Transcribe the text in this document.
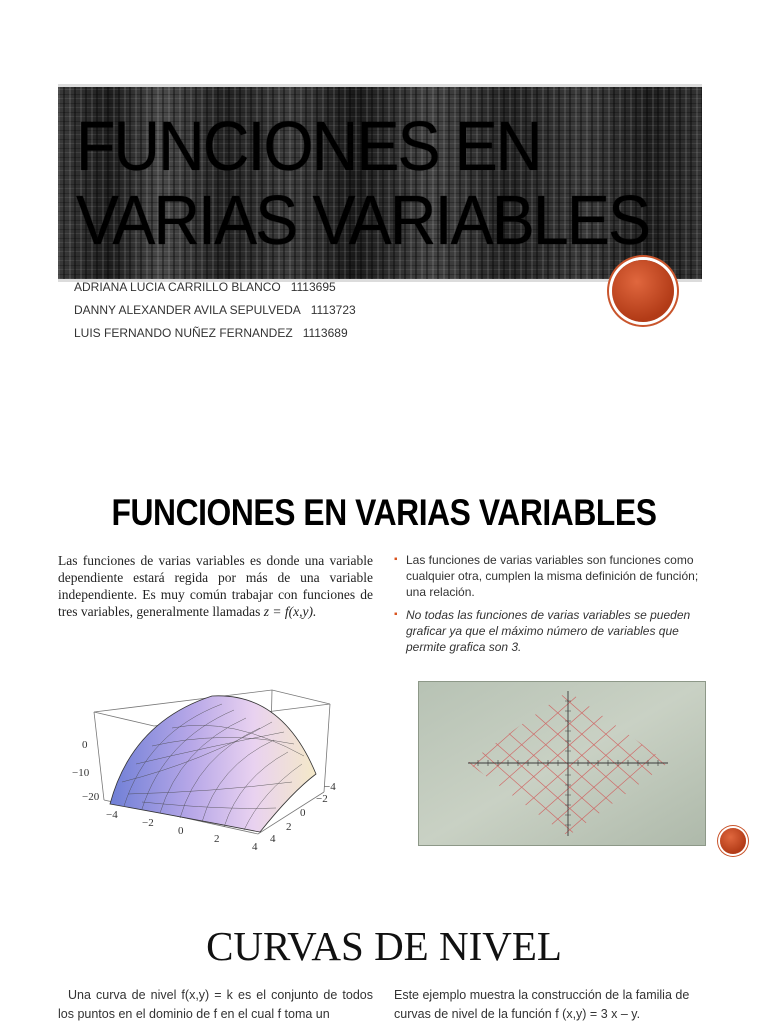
FUNCIONES EN
VARIAS VARIABLES
ADRIANA LUCIA CARRILLO BLANCO 1113695
DANNY ALEXANDER AVILA SEPULVEDA 1113723
LUIS FERNANDO NUÑEZ FERNANDEZ 1113689
FUNCIONES EN VARIAS VARIABLES

Las funciones de varias variables es donde una variable dependiente estará regida por más de una variable independiente. Es muy común trabajar con funciones de tres variables, generalmente llamadas z = f(x,y).

▪ Las funciones de varias variables son funciones como cualquier otra, cumplen la misma definición de función; una relación.
▪ No todas las funciones de varias variables se pueden graficar ya que el máximo número de variables que permite grafica son 3.
0
−10
−20
−4
−2
0
2
4
−4
−2
0
2
4
CURVAS DE NIVEL

Una curva de nivel f(x,y) = k es el conjunto de todos los puntos en el dominio de f en el cual f toma un

Este ejemplo muestra la construcción de la familia de curvas de nivel de la función f (x,y) = 3 x – y.
